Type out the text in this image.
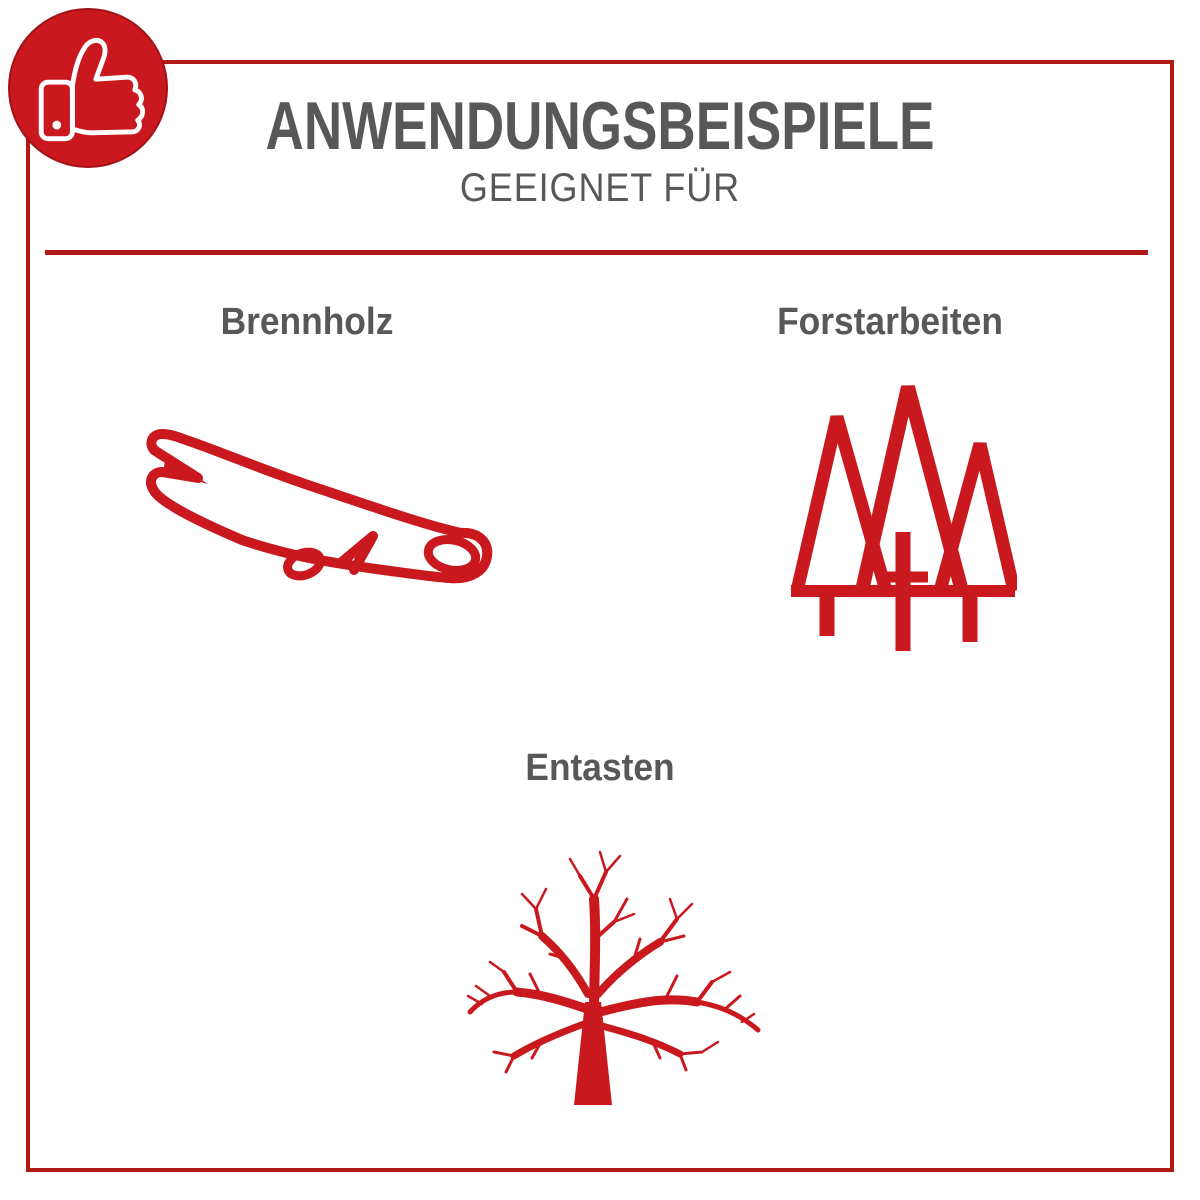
ANWENDUNGSBEISPIELE
GEEIGNET FÜR
Brennholz	Forstarbeiten
Entasten
